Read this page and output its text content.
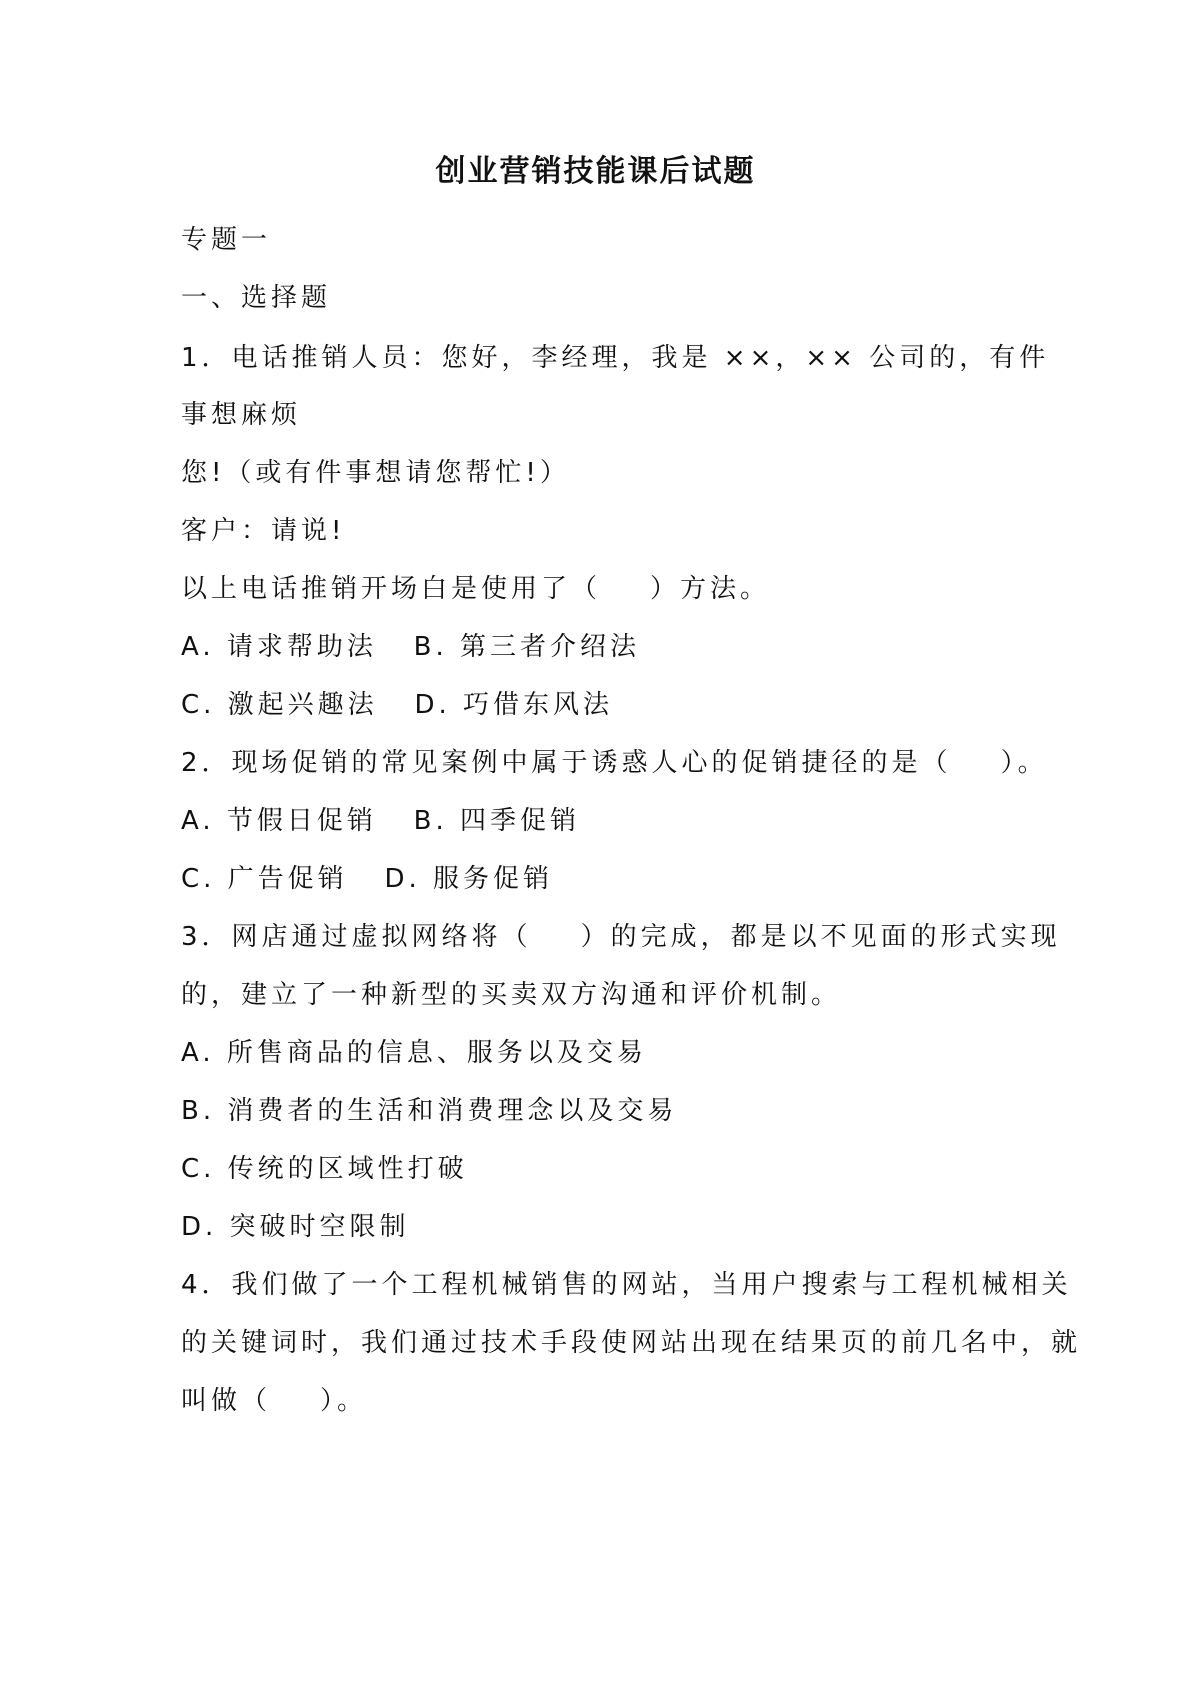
创业营销技能课后试题
专题一
一、选择题
1．电话推销人员：您好，李经理，我是 ××，×× 公司的，有件
事想麻烦
您!（或有件事想请您帮忙!）
客户：请说!
以上电话推销开场白是使用了（    ）方法。
A. 请求帮助法   B. 第三者介绍法
C. 激起兴趣法   D. 巧借东风法
2．现场促销的常见案例中属于诱惑人心的促销捷径的是（    ）。
A. 节假日促销   B. 四季促销
C. 广告促销   D. 服务促销
3．网店通过虚拟网络将（    ）的完成，都是以不见面的形式实现
的，建立了一种新型的买卖双方沟通和评价机制。
A. 所售商品的信息、服务以及交易
B. 消费者的生活和消费理念以及交易
C. 传统的区域性打破
D. 突破时空限制
4．我们做了一个工程机械销售的网站，当用户搜索与工程机械相关
的关键词时，我们通过技术手段使网站出现在结果页的前几名中，就
叫做（    ）。
